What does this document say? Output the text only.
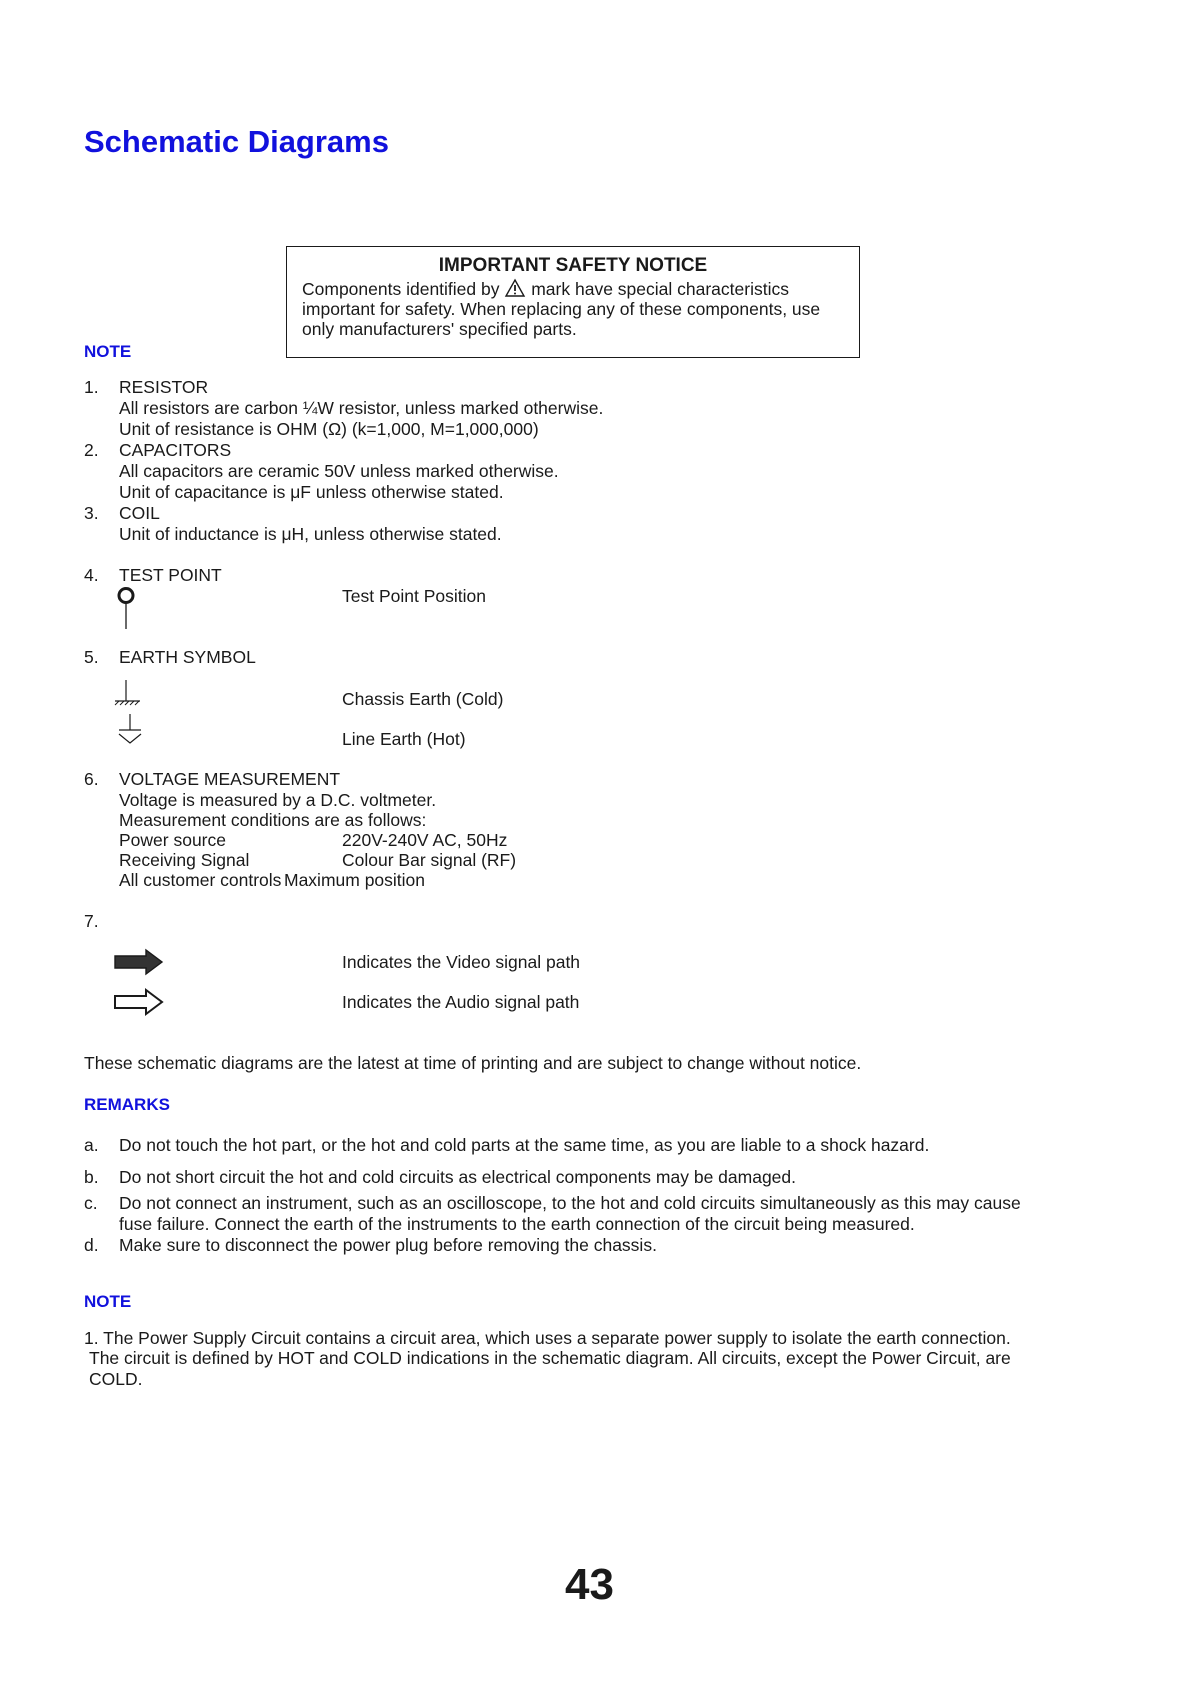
Schematic Diagrams
IMPORTANT SAFETY NOTICE
Components identified by mark have special characteristics
important for safety. When replacing any of these components, use
only manufacturers' specified parts.
NOTE
1. RESISTOR
All resistors are carbon ¼W resistor, unless marked otherwise.
Unit of resistance is OHM (Ω) (k=1,000, M=1,000,000)
2. CAPACITORS
All capacitors are ceramic 50V unless marked otherwise.
Unit of capacitance is μF unless otherwise stated.
3. COIL
Unit of inductance is μH, unless otherwise stated.
4. TEST POINT
Test Point Position
5. EARTH SYMBOL
Chassis Earth (Cold)
Line Earth (Hot)
6. VOLTAGE MEASUREMENT
Voltage is measured by a D.C. voltmeter.
Measurement conditions are as follows:
Power source	220V-240V AC, 50Hz
Receiving Signal	Colour Bar signal (RF)
All customer controls Maximum position
7.
Indicates the Video signal path
Indicates the Audio signal path
These schematic diagrams are the latest at time of printing and are subject to change without notice.
REMARKS
a. Do not touch the hot part, or the hot and cold parts at the same time, as you are liable to a shock hazard.
b. Do not short circuit the hot and cold circuits as electrical components may be damaged.
c. Do not connect an instrument, such as an oscilloscope, to the hot and cold circuits simultaneously as this may cause
fuse failure. Connect the earth of the instruments to the earth connection of the circuit being measured.
d. Make sure to disconnect the power plug before removing the chassis.
NOTE
1. The Power Supply Circuit contains a circuit area, which uses a separate power supply to isolate the earth connection.
The circuit is defined by HOT and COLD indications in the schematic diagram. All circuits, except the Power Circuit, are
COLD.
43
